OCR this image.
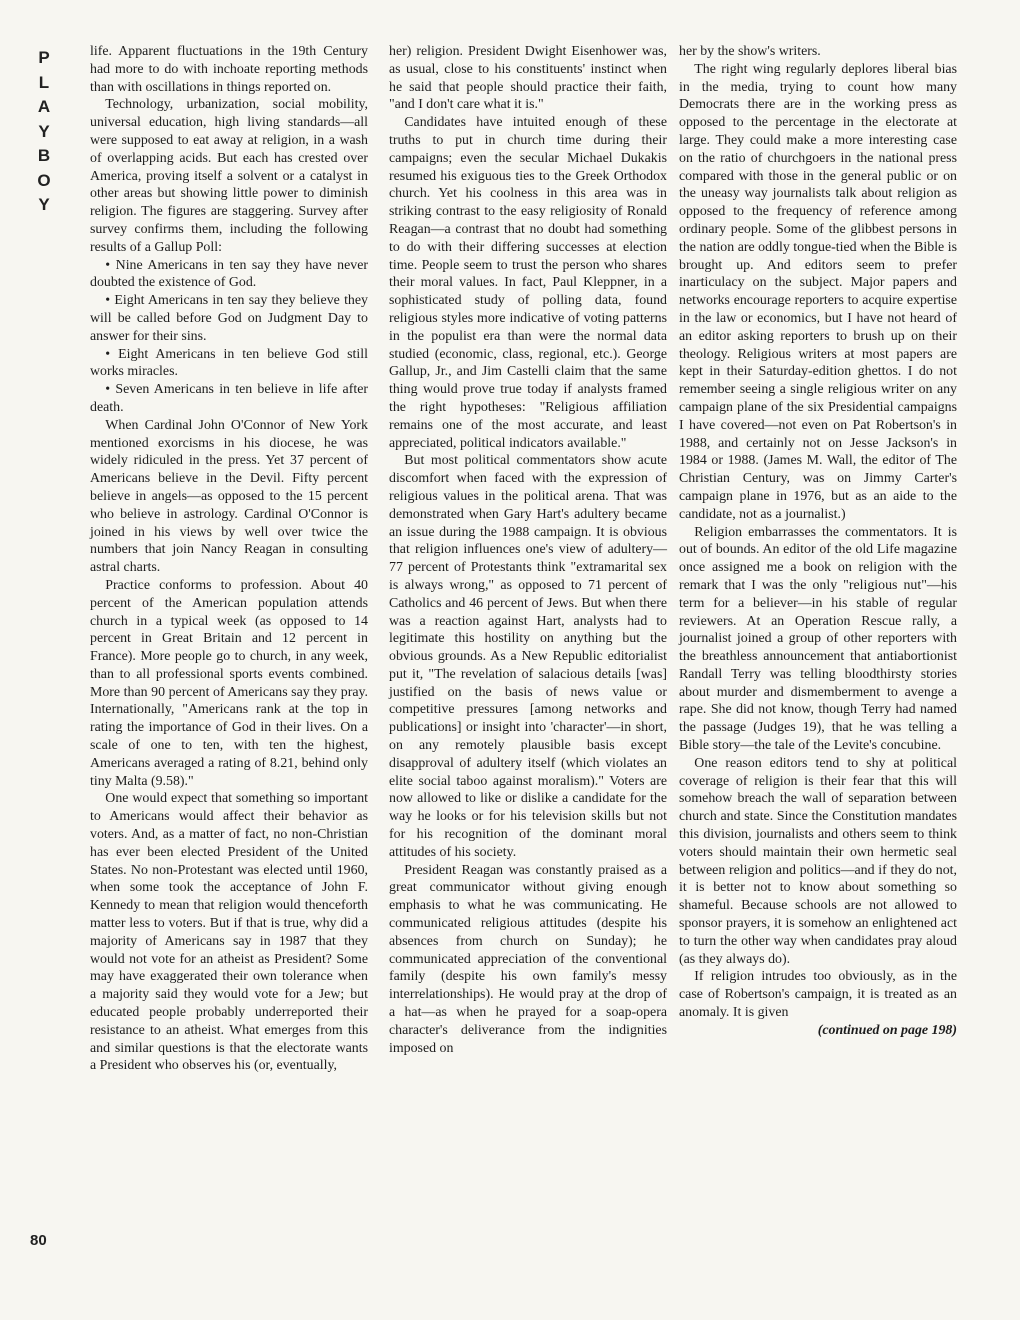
P
L
A
Y
B
O
Y
80

life. Apparent fluctuations in the 19th Century had more to do with inchoate reporting methods than with oscillations in things reported on.

Technology, urbanization, social mobility, universal education, high living standards—all were supposed to eat away at religion, in a wash of overlapping acids. But each has crested over America, proving itself a solvent or a catalyst in other areas but showing little power to diminish religion. The figures are staggering. Survey after survey confirms them, including the following results of a Gallup Poll:

• Nine Americans in ten say they have never doubted the existence of God.

• Eight Americans in ten say they believe they will be called before God on Judgment Day to answer for their sins.

• Eight Americans in ten believe God still works miracles.

• Seven Americans in ten believe in life after death.

When Cardinal John O'Connor of New York mentioned exorcisms in his diocese, he was widely ridiculed in the press. Yet 37 percent of Americans believe in the Devil. Fifty percent believe in angels—as opposed to the 15 percent who believe in astrology. Cardinal O'Connor is joined in his views by well over twice the numbers that join Nancy Reagan in consulting astral charts.

Practice conforms to profession. About 40 percent of the American population attends church in a typical week (as opposed to 14 percent in Great Britain and 12 percent in France). More people go to church, in any week, than to all professional sports events combined. More than 90 percent of Americans say they pray. Internationally, "Americans rank at the top in rating the importance of God in their lives. On a scale of one to ten, with ten the highest, Americans averaged a rating of 8.21, behind only tiny Malta (9.58)."

One would expect that something so important to Americans would affect their behavior as voters. And, as a matter of fact, no non-Christian has ever been elected President of the United States. No non-Protestant was elected until 1960, when some took the acceptance of John F. Kennedy to mean that religion would thenceforth matter less to voters. But if that is true, why did a majority of Americans say in 1987 that they would not vote for an atheist as President? Some may have exaggerated their own tolerance when a majority said they would vote for a Jew; but educated people probably underreported their resistance to an atheist. What emerges from this and similar questions is that the electorate wants a President who observes his (or, eventually,

her) religion. President Dwight Eisenhower was, as usual, close to his constituents' instinct when he said that people should practice their faith, "and I don't care what it is."

Candidates have intuited enough of these truths to put in church time during their campaigns; even the secular Michael Dukakis resumed his exiguous ties to the Greek Orthodox church. Yet his coolness in this area was in striking contrast to the easy religiosity of Ronald Reagan—a contrast that no doubt had something to do with their differing successes at election time. People seem to trust the person who shares their moral values. In fact, Paul Kleppner, in a sophisticated study of polling data, found religious styles more indicative of voting patterns in the populist era than were the normal data studied (economic, class, regional, etc.). George Gallup, Jr., and Jim Castelli claim that the same thing would prove true today if analysts framed the right hypotheses: "Religious affiliation remains one of the most accurate, and least appreciated, political indicators available."

But most political commentators show acute discomfort when faced with the expression of religious values in the political arena. That was demonstrated when Gary Hart's adultery became an issue during the 1988 campaign. It is obvious that religion influences one's view of adultery—77 percent of Protestants think "extramarital sex is always wrong," as opposed to 71 percent of Catholics and 46 percent of Jews. But when there was a reaction against Hart, analysts had to legitimate this hostility on anything but the obvious grounds. As a New Republic editorialist put it, "The revelation of salacious details [was] justified on the basis of news value or competitive pressures [among networks and publications] or insight into 'character'—in short, on any remotely plausible basis except disapproval of adultery itself (which violates an elite social taboo against moralism)." Voters are now allowed to like or dislike a candidate for the way he looks or for his television skills but not for his recognition of the dominant moral attitudes of his society.

President Reagan was constantly praised as a great communicator without giving enough emphasis to what he was communicating. He communicated religious attitudes (despite his absences from church on Sunday); he communicated appreciation of the conventional family (despite his own family's messy interrelationships). He would pray at the drop of a hat—as when he prayed for a soap-opera character's deliverance from the indignities imposed on

her by the show's writers.

The right wing regularly deplores liberal bias in the media, trying to count how many Democrats there are in the working press as opposed to the percentage in the electorate at large. They could make a more interesting case on the ratio of churchgoers in the national press compared with those in the general public or on the uneasy way journalists talk about religion as opposed to the frequency of reference among ordinary people. Some of the glibbest persons in the nation are oddly tongue-tied when the Bible is brought up. And editors seem to prefer inarticulacy on the subject. Major papers and networks encourage reporters to acquire expertise in the law or economics, but I have not heard of an editor asking reporters to brush up on their theology. Religious writers at most papers are kept in their Saturday-edition ghettos. I do not remember seeing a single religious writer on any campaign plane of the six Presidential campaigns I have covered—not even on Pat Robertson's in 1988, and certainly not on Jesse Jackson's in 1984 or 1988. (James M. Wall, the editor of The Christian Century, was on Jimmy Carter's campaign plane in 1976, but as an aide to the candidate, not as a journalist.)

Religion embarrasses the commentators. It is out of bounds. An editor of the old Life magazine once assigned me a book on religion with the remark that I was the only "religious nut"—his term for a believer—in his stable of regular reviewers. At an Operation Rescue rally, a journalist joined a group of other reporters with the breathless announcement that antiabortionist Randall Terry was telling bloodthirsty stories about murder and dismemberment to avenge a rape. She did not know, though Terry had named the passage (Judges 19), that he was telling a Bible story—the tale of the Levite's concubine.

One reason editors tend to shy at political coverage of religion is their fear that this will somehow breach the wall of separation between church and state. Since the Constitution mandates this division, journalists and others seem to think voters should maintain their own hermetic seal between religion and politics—and if they do not, it is better not to know about something so shameful. Because schools are not allowed to sponsor prayers, it is somehow an enlightened act to turn the other way when candidates pray aloud (as they always do).

If religion intrudes too obviously, as in the case of Robertson's campaign, it is treated as an anomaly. It is given

(continued on page 198)
